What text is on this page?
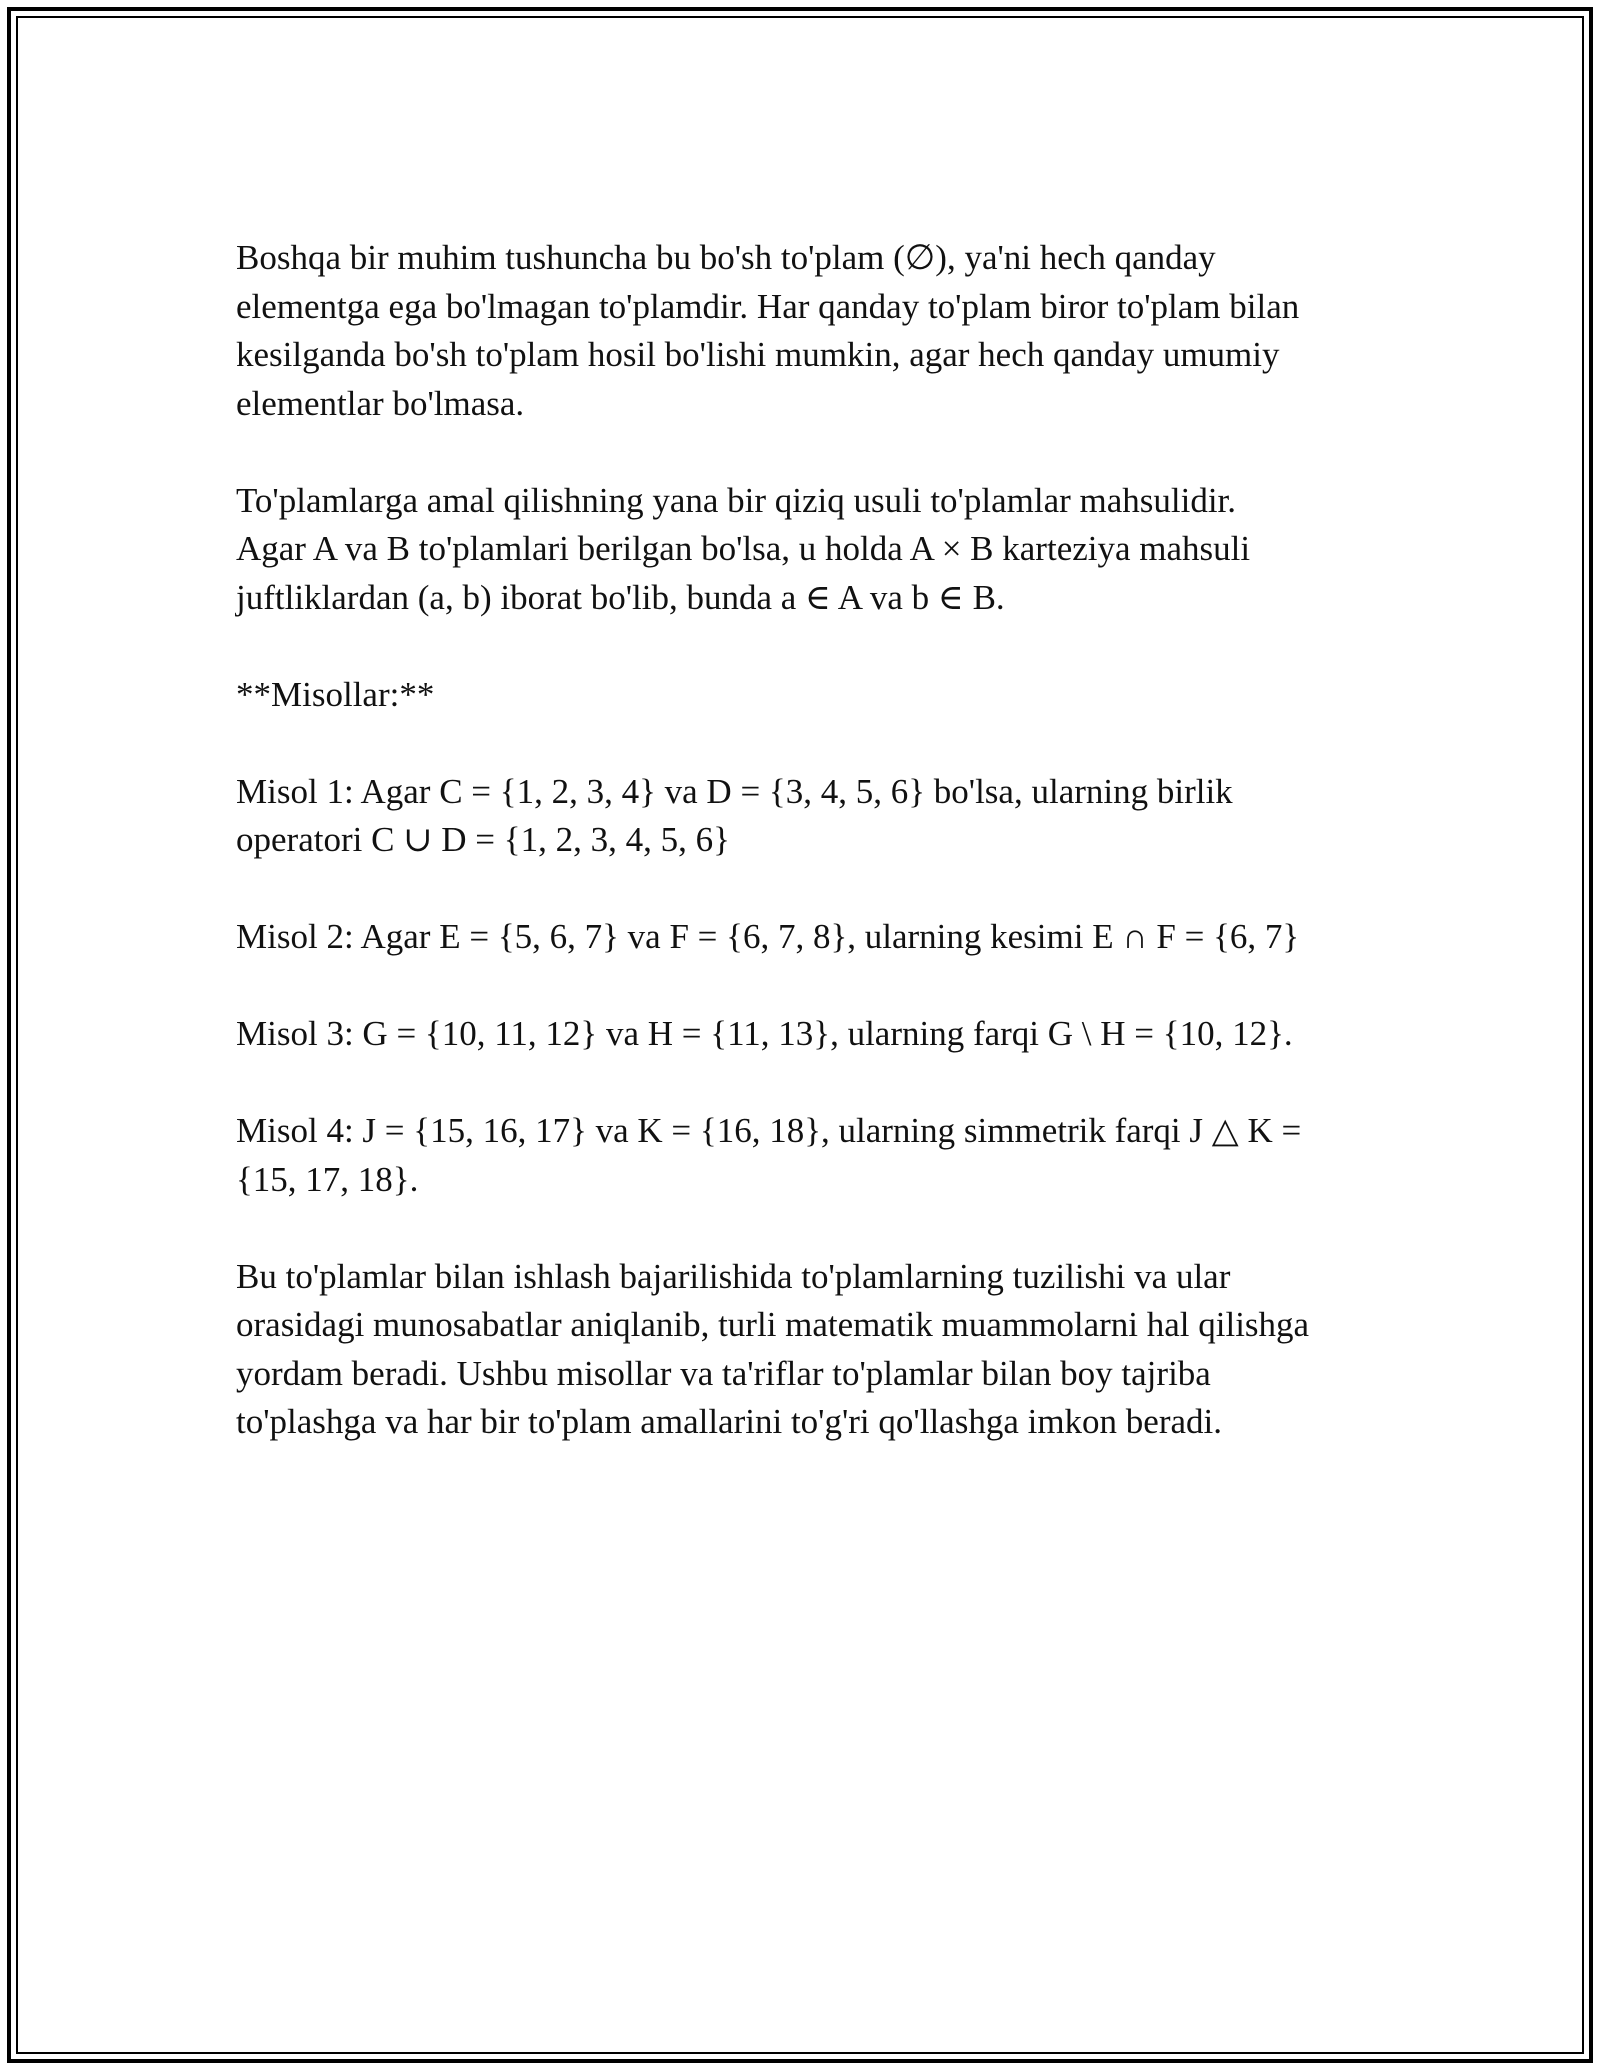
Boshqa bir muhim tushuncha bu bo'sh to'plam (∅), ya'ni hech qanday
elementga ega bo'lmagan to'plamdir. Har qanday to'plam biror to'plam bilan
kesilganda bo'sh to'plam hosil bo'lishi mumkin, agar hech qanday umumiy
elementlar bo'lmasa.

To'plamlarga amal qilishning yana bir qiziq usuli to'plamlar mahsulidir.
Agar A va B to'plamlari berilgan bo'lsa, u holda A × B karteziya mahsuli
juftliklardan (a, b) iborat bo'lib, bunda a ∈ A va b ∈ B.

**Misollar:**

Misol 1: Agar C = {1, 2, 3, 4} va D = {3, 4, 5, 6} bo'lsa, ularning birlik
operatori C ∪ D = {1, 2, 3, 4, 5, 6}

Misol 2: Agar E = {5, 6, 7} va F = {6, 7, 8}, ularning kesimi E ∩ F = {6, 7}

Misol 3: G = {10, 11, 12} va H = {11, 13}, ularning farqi G \ H = {10, 12}.

Misol 4: J = {15, 16, 17} va K = {16, 18}, ularning simmetrik farqi J △ K =
{15, 17, 18}.

Bu to'plamlar bilan ishlash bajarilishida to'plamlarning tuzilishi va ular
orasidagi munosabatlar aniqlanib, turli matematik muammolarni hal qilishga
yordam beradi. Ushbu misollar va ta'riflar to'plamlar bilan boy tajriba
to'plashga va har bir to'plam amallarini to'g'ri qo'llashga imkon beradi.
